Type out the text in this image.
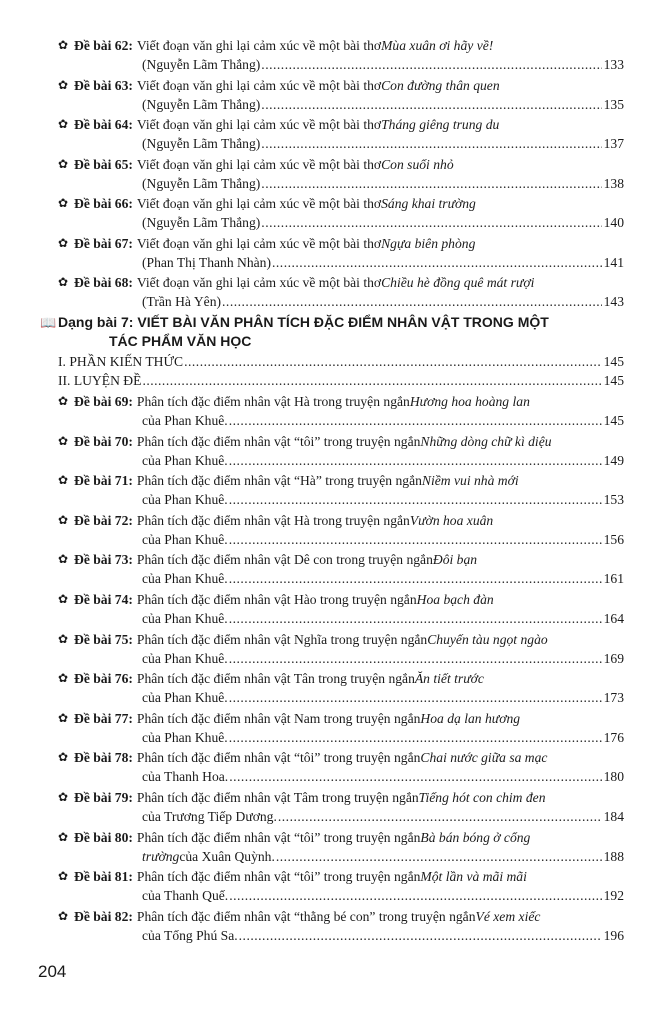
✿ Đề bài 62: Viết đoạn văn ghi lại cảm xúc về một bài thơ Mùa xuân ơi hãy về!
(Nguyễn Lãm Thắng) .....	133
✿ Đề bài 63: Viết đoạn văn ghi lại cảm xúc về một bài thơ Con đường thân quen
(Nguyễn Lãm Thắng) .....	135
✿ Đề bài 64: Viết đoạn văn ghi lại cảm xúc về một bài thơ Tháng giêng trung du
(Nguyễn Lãm Thắng) .....	137
✿ Đề bài 65: Viết đoạn văn ghi lại cảm xúc về một bài thơ Con suối nhỏ
(Nguyễn Lãm Thắng) .....	138
✿ Đề bài 66: Viết đoạn văn ghi lại cảm xúc về một bài thơ Sáng khai trường
(Nguyễn Lãm Thắng) .....	140
✿ Đề bài 67: Viết đoạn văn ghi lại cảm xúc về một bài thơ Ngựa biên phòng
(Phan Thị Thanh Nhàn) .....	141
✿ Đề bài 68: Viết đoạn văn ghi lại cảm xúc về một bài thơ Chiều hè đồng quê mát rượi
(Trần Hà Yên) .....	143
📖 Dạng bài 7:
VIẾT BÀI VĂN PHÂN TÍCH ĐẶC ĐIỂM NHÂN VẬT TRONG MỘT
TÁC PHẨM VĂN HỌC
I. PHẦN KIẾN THỨC .....	145
II. LUYỆN ĐỀ .....	145
✿ Đề bài 69: Phân tích đặc điểm nhân vật Hà trong truyện ngắn Hương hoa hoàng lan
của Phan Khuê. .....	145
✿ Đề bài 70: Phân tích đặc điểm nhân vật “tôi” trong truyện ngắn Những dòng chữ kì diệu
của Phan Khuê. .....	149
✿ Đề bài 71: Phân tích đặc điểm nhân vật “Hà” trong truyện ngắn Niềm vui nhà mới
của Phan Khuê. .....	153
✿ Đề bài 72: Phân tích đặc điểm nhân vật Hà trong truyện ngắn Vườn hoa xuân
của Phan Khuê. .....	156
✿ Đề bài 73: Phân tích đặc điểm nhân vật Dê con trong truyện ngắn Đôi bạn
của Phan Khuê. .....	161
✿ Đề bài 74: Phân tích đặc điểm nhân vật Hào trong truyện ngắn Hoa bạch đàn
của Phan Khuê. .....	164
✿ Đề bài 75: Phân tích đặc điểm nhân vật Nghĩa trong truyện ngắn Chuyến tàu ngọt ngào
của Phan Khuê. .....	169
✿ Đề bài 76: Phân tích đặc điểm nhân vật Tân trong truyện ngắn Ăn tiết trước
của Phan Khuê. .....	173
✿ Đề bài 77: Phân tích đặc điểm nhân vật Nam trong truyện ngắn Hoa dạ lan hương
của Phan Khuê. .....	176
✿ Đề bài 78: Phân tích đặc điểm nhân vật “tôi” trong truyện ngắn Chai nước giữa sa mạc
của Thanh Hoa. .....	180
✿ Đề bài 79: Phân tích đặc điểm nhân vật Tâm trong truyện ngắn Tiếng hót con chim đen
của Trương Tiếp Dương. .....	184
✿ Đề bài 80: Phân tích đặc điểm nhân vật “tôi” trong truyện ngắn Bà bán bóng ở cổng
trường của Xuân Quỳnh. .....	188
✿ Đề bài 81: Phân tích đặc điểm nhân vật “tôi” trong truyện ngắn Một lần và mãi mãi
của Thanh Quế. .....	192
✿ Đề bài 82: Phân tích đặc điểm nhân vật “thằng bé con” trong truyện ngắn Vé xem xiếc
của Tống Phú Sa. .....	196
204
